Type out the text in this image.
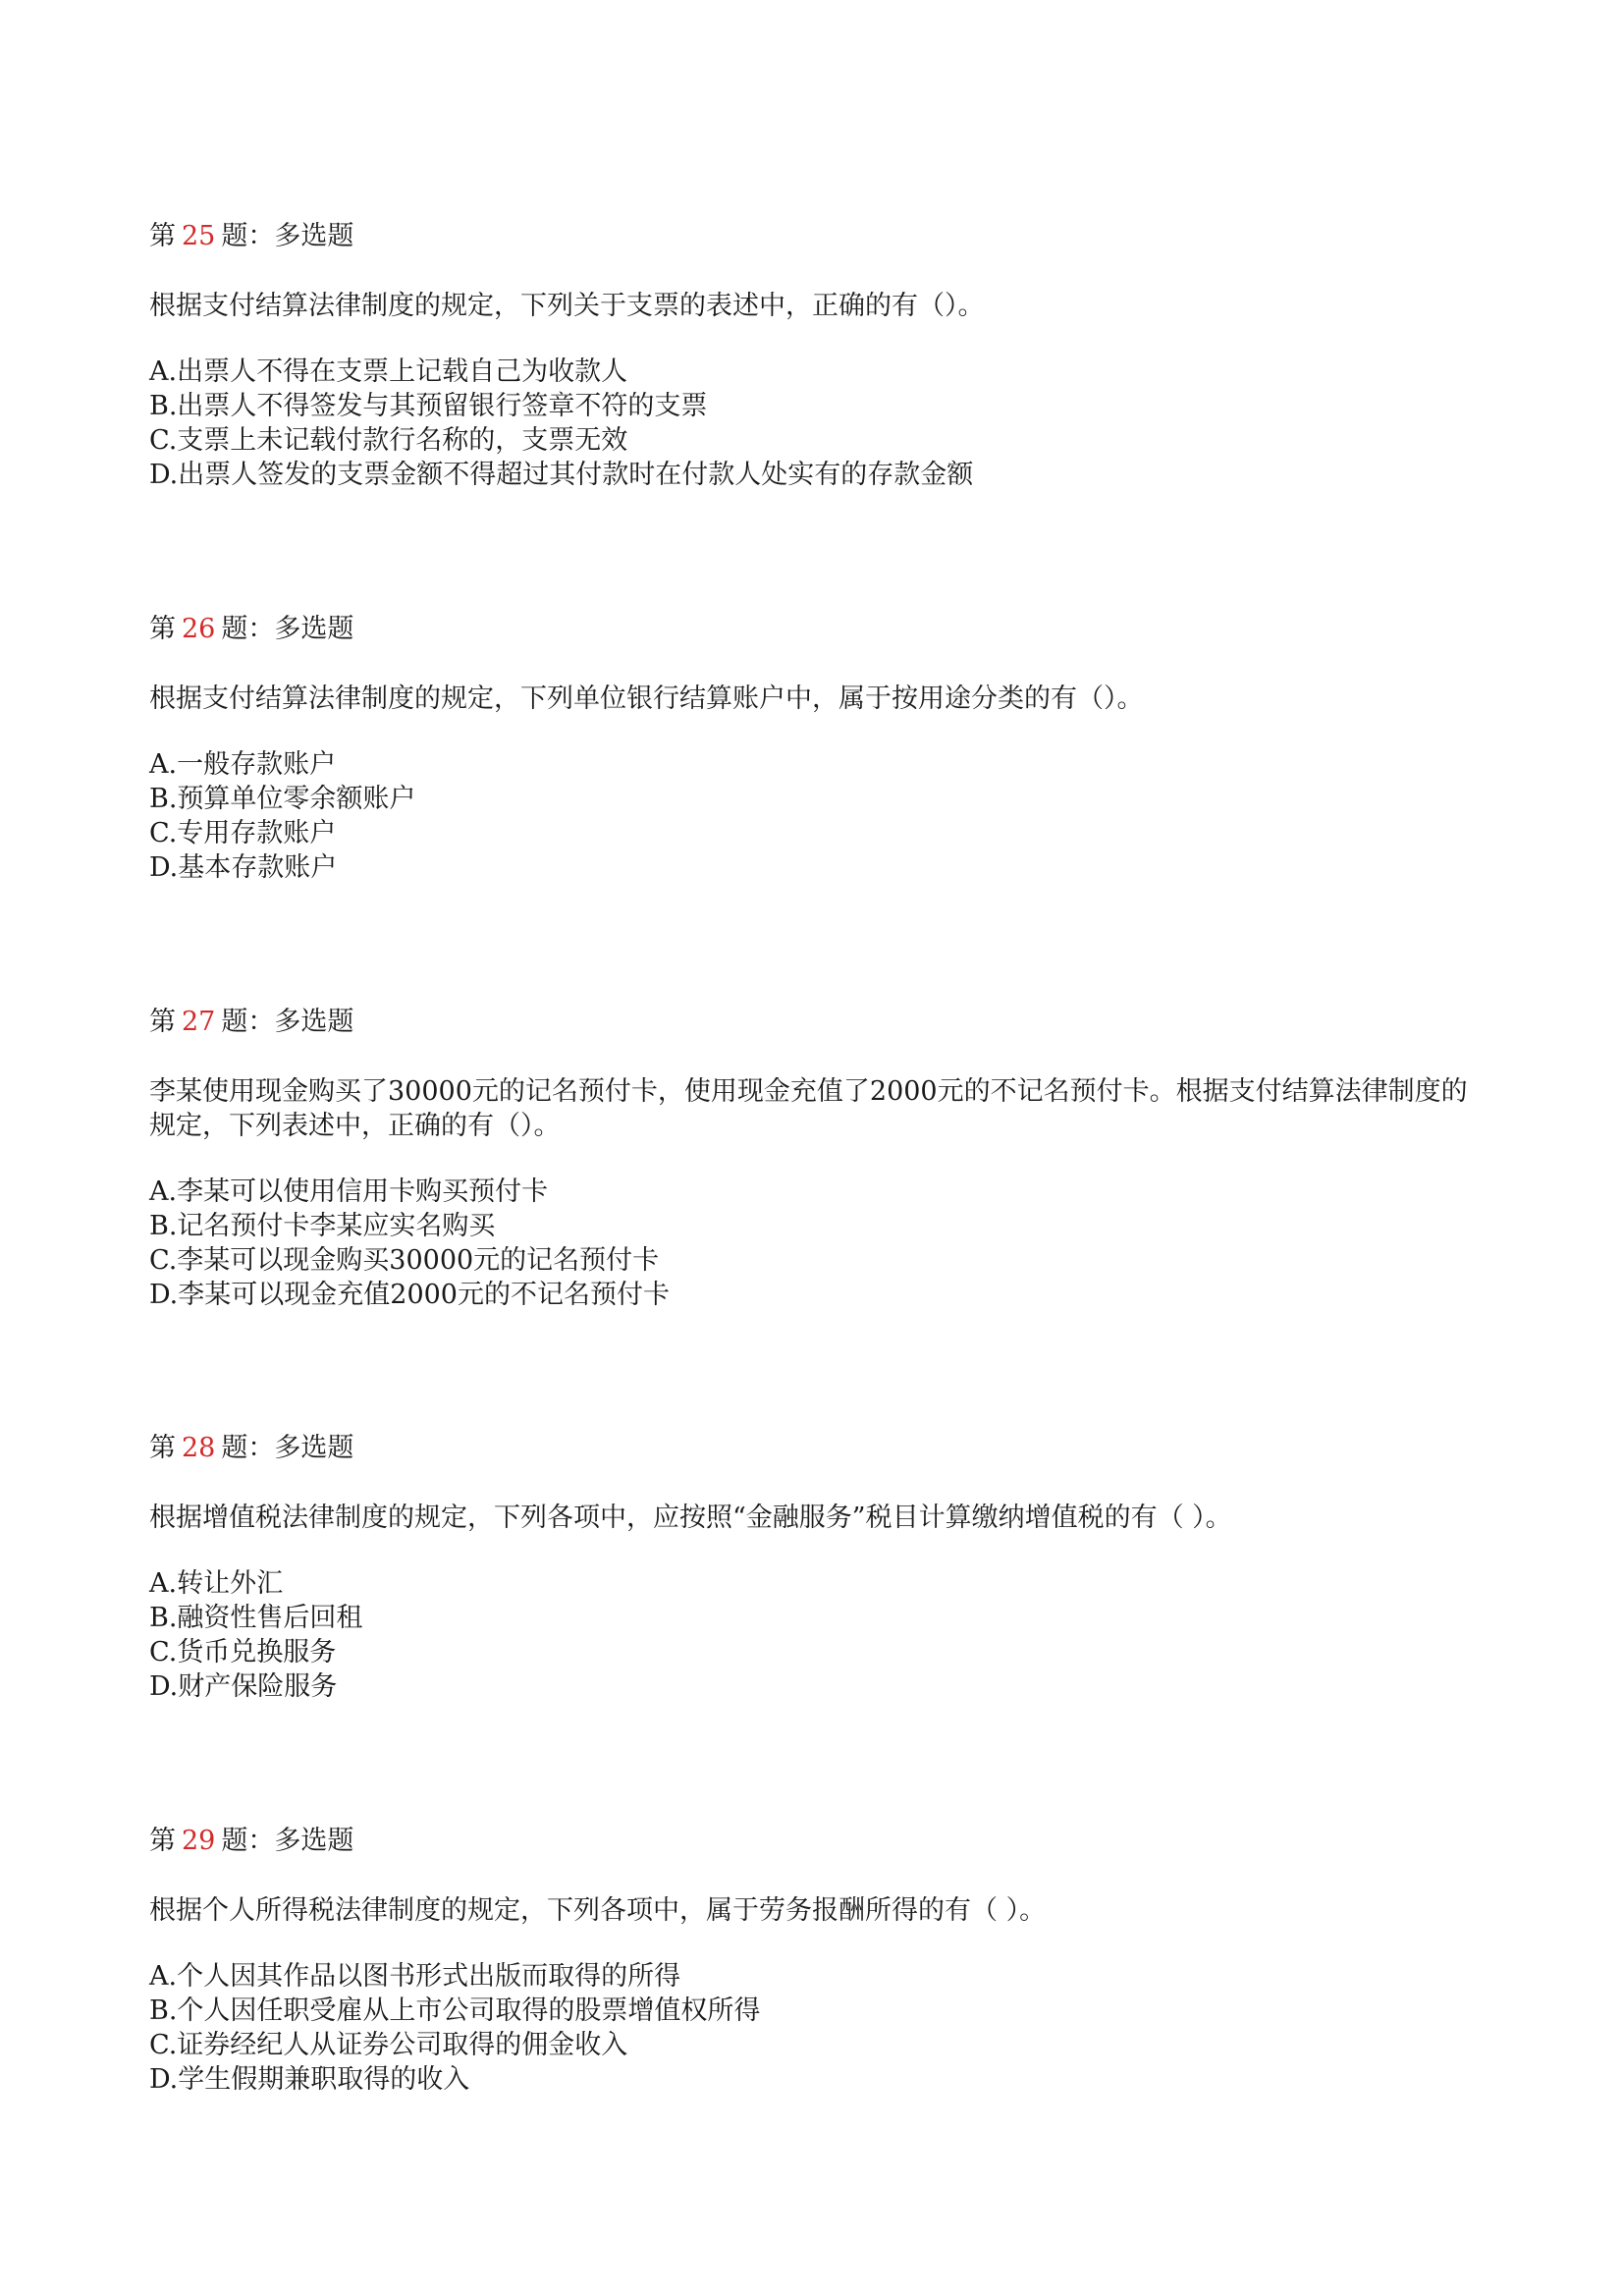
第 25 题：多选题
根据支付结算法律制度的规定，下列关于支票的表述中，正确的有（）。
A.出票人不得在支票上记载自己为收款人
B.出票人不得签发与其预留银行签章不符的支票
C.支票上未记载付款行名称的，支票无效
D.出票人签发的支票金额不得超过其付款时在付款人处实有的存款金额
第 26 题：多选题
根据支付结算法律制度的规定，下列单位银行结算账户中，属于按用途分类的有（）。
A.一般存款账户
B.预算单位零余额账户
C.专用存款账户
D.基本存款账户
第 27 题：多选题
李某使用现金购买了30000元的记名预付卡，使用现金充值了2000元的不记名预付卡。根据支付结算法律制度的规定，下列表述中，正确的有（）。
A.李某可以使用信用卡购买预付卡
B.记名预付卡李某应实名购买
C.李某可以现金购买30000元的记名预付卡
D.李某可以现金充值2000元的不记名预付卡
第 28 题：多选题
根据增值税法律制度的规定，下列各项中，应按照“金融服务”税目计算缴纳增值税的有（ ）。
A.转让外汇
B.融资性售后回租
C.货币兑换服务
D.财产保险服务
第 29 题：多选题
根据个人所得税法律制度的规定，下列各项中，属于劳务报酬所得的有（ ）。
A.个人因其作品以图书形式出版而取得的所得
B.个人因任职受雇从上市公司取得的股票增值权所得
C.证券经纪人从证券公司取得的佣金收入
D.学生假期兼职取得的收入
